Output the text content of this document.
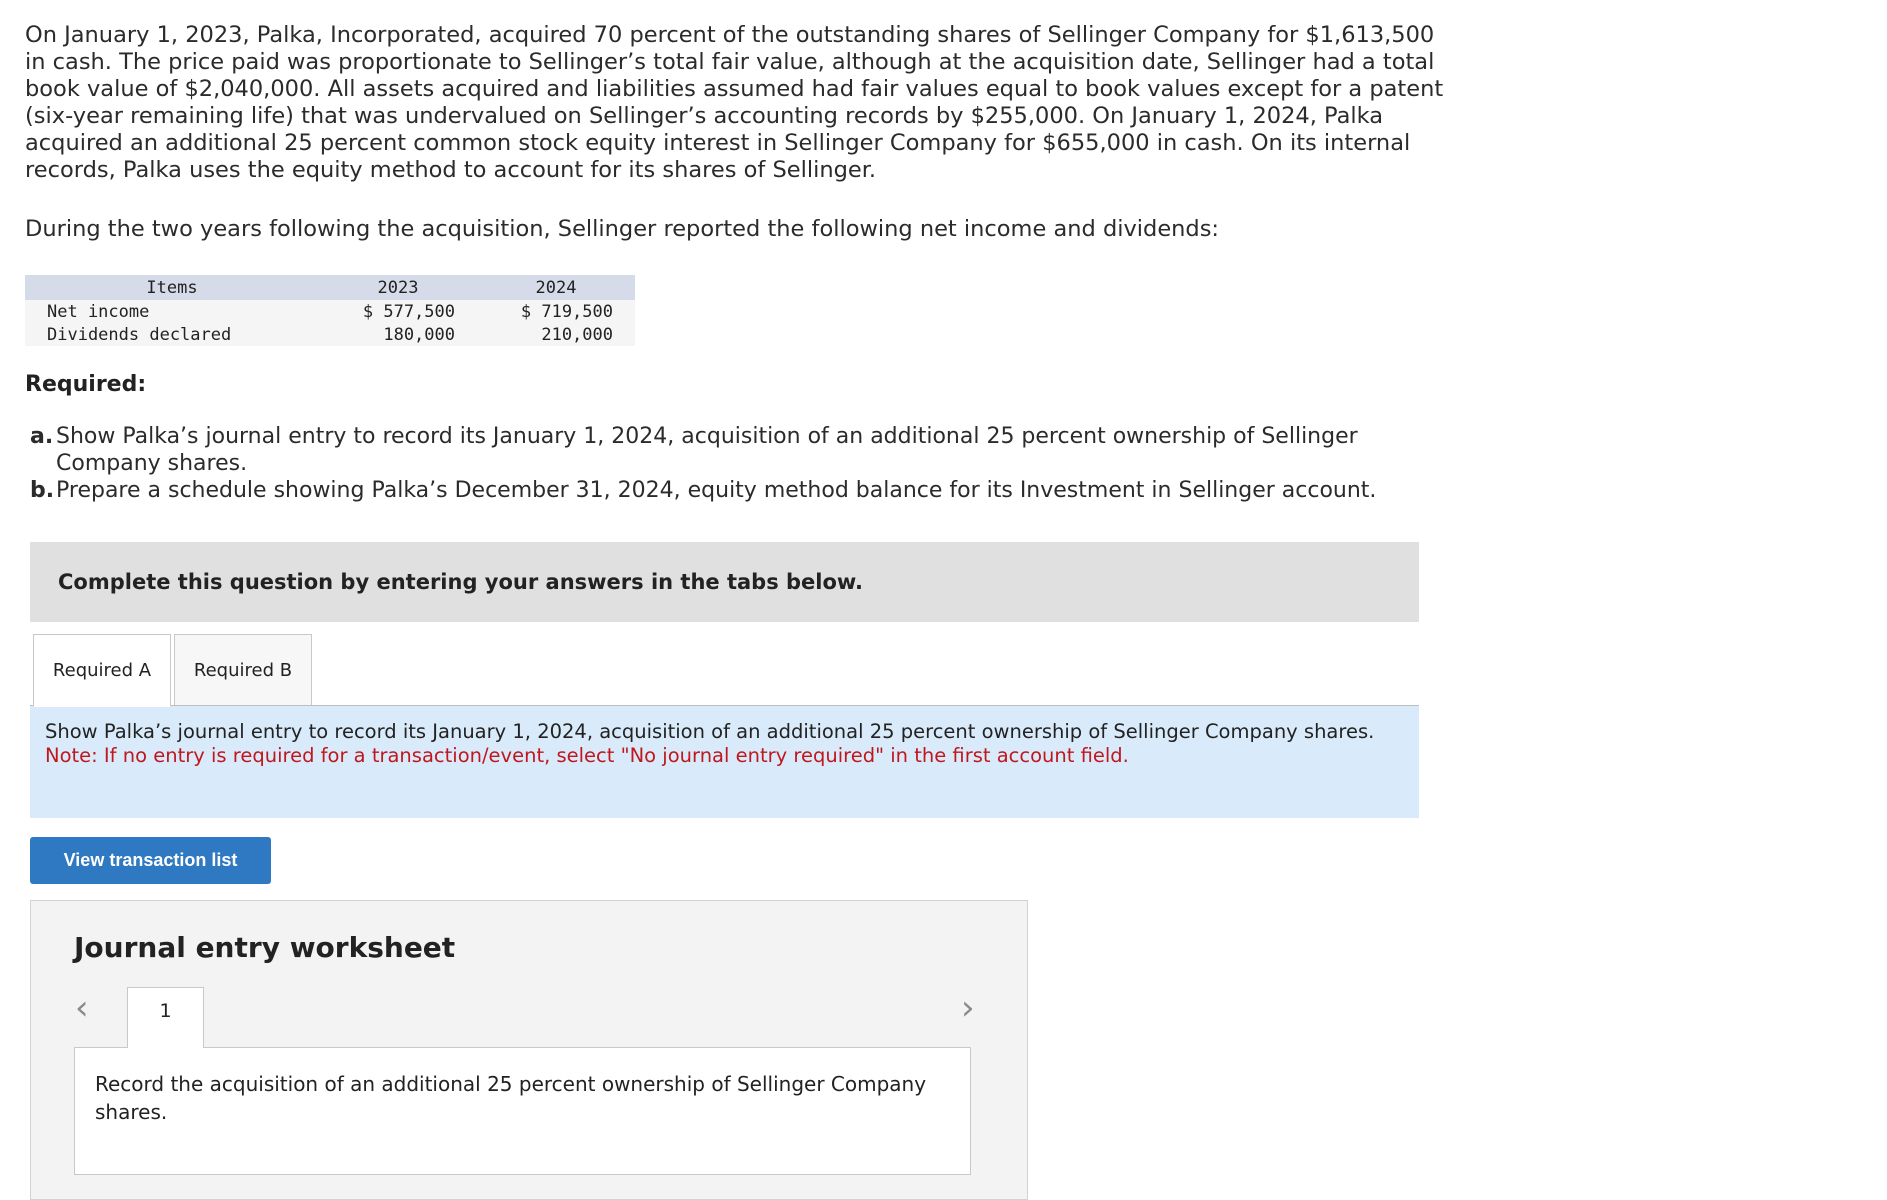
On January 1, 2023, Palka, Incorporated, acquired 70 percent of the outstanding shares of Sellinger Company for $1,613,500 in cash. The price paid was proportionate to Sellinger’s total fair value, although at the acquisition date, Sellinger had a total book value of $2,040,000. All assets acquired and liabilities assumed had fair values equal to book values except for a patent (six-year remaining life) that was undervalued on Sellinger’s accounting records by $255,000. On January 1, 2024, Palka acquired an additional 25 percent common stock equity interest in Sellinger Company for $655,000 in cash. On its internal records, Palka uses the equity method to account for its shares of Sellinger.

During the two years following the acquisition, Sellinger reported the following net income and dividends:

Items	2023	2024
Net income	$ 577,500	$ 719,500
Dividends declared	180,000	210,000
Required:
a. Show Palka’s journal entry to record its January 1, 2024, acquisition of an additional 25 percent ownership of Sellinger Company shares.
b. Prepare a schedule showing Palka’s December 31, 2024, equity method balance for its Investment in Sellinger account.
Complete this question by entering your answers in the tabs below.
Required A	Required B
Show Palka’s journal entry to record its January 1, 2024, acquisition of an additional 25 percent ownership of Sellinger Company shares.
Note: If no entry is required for a transaction/event, select "No journal entry required" in the first account field.
View transaction list
Journal entry worksheet
‹	1	›
Record the acquisition of an additional 25 percent ownership of Sellinger Company shares.
